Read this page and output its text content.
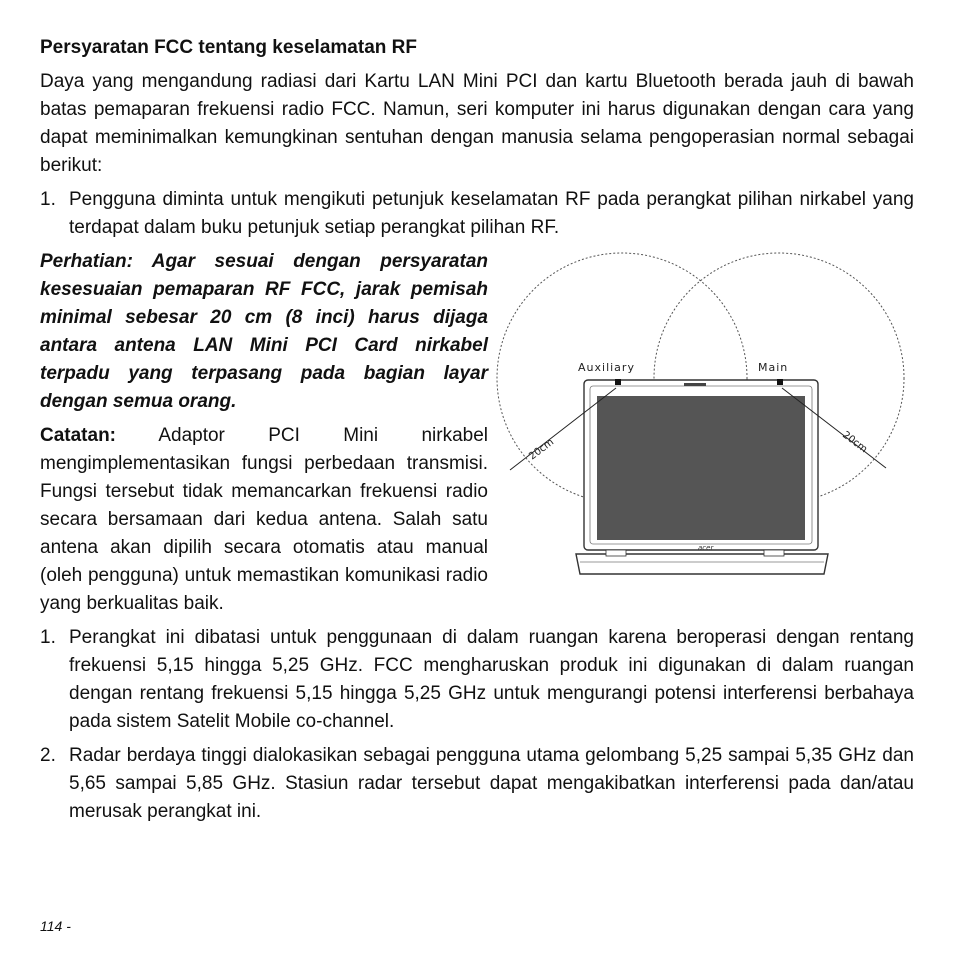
Persyaratan FCC tentang keselamatan RF

Daya yang mengandung radiasi dari Kartu LAN Mini PCI dan kartu Bluetooth berada jauh di bawah batas pemaparan frekuensi radio FCC. Namun, seri komputer ini harus digunakan dengan cara yang dapat meminimalkan kemungkinan sentuhan dengan manusia selama pengoperasian normal sebagai berikut:

1. Pengguna diminta untuk mengikuti petunjuk keselamatan RF pada perangkat pilihan nirkabel yang terdapat dalam buku petunjuk setiap perangkat pilihan RF.

Perhatian: Agar sesuai dengan persyaratan kesesuaian pemaparan RF FCC, jarak pemisah minimal sebesar 20 cm (8 inci) harus dijaga antara antena LAN Mini PCI Card nirkabel terpadu yang terpasang pada bagian layar dengan semua orang.

Catatan: Adaptor PCI Mini nirkabel mengimplementasikan fungsi perbedaan transmisi. Fungsi tersebut tidak memancarkan frekuensi radio secara bersamaan dari kedua antena. Salah satu antena akan dipilih secara otomatis atau manual (oleh pengguna) untuk memastikan komunikasi radio yang berkualitas baik.

acer
Auxiliary	Main
20cm	20cm
1. Perangkat ini dibatasi untuk penggunaan di dalam ruangan karena beroperasi dengan rentang frekuensi 5,15 hingga 5,25 GHz. FCC mengharuskan produk ini digunakan di dalam ruangan dengan rentang frekuensi 5,15 hingga 5,25 GHz untuk mengurangi potensi interferensi berbahaya pada sistem Satelit Mobile co-channel.
2. Radar berdaya tinggi dialokasikan sebagai pengguna utama gelombang 5,25 sampai 5,35 GHz dan 5,65 sampai 5,85 GHz. Stasiun radar tersebut dapat mengakibatkan interferensi pada dan/atau merusak perangkat ini.
114 -
